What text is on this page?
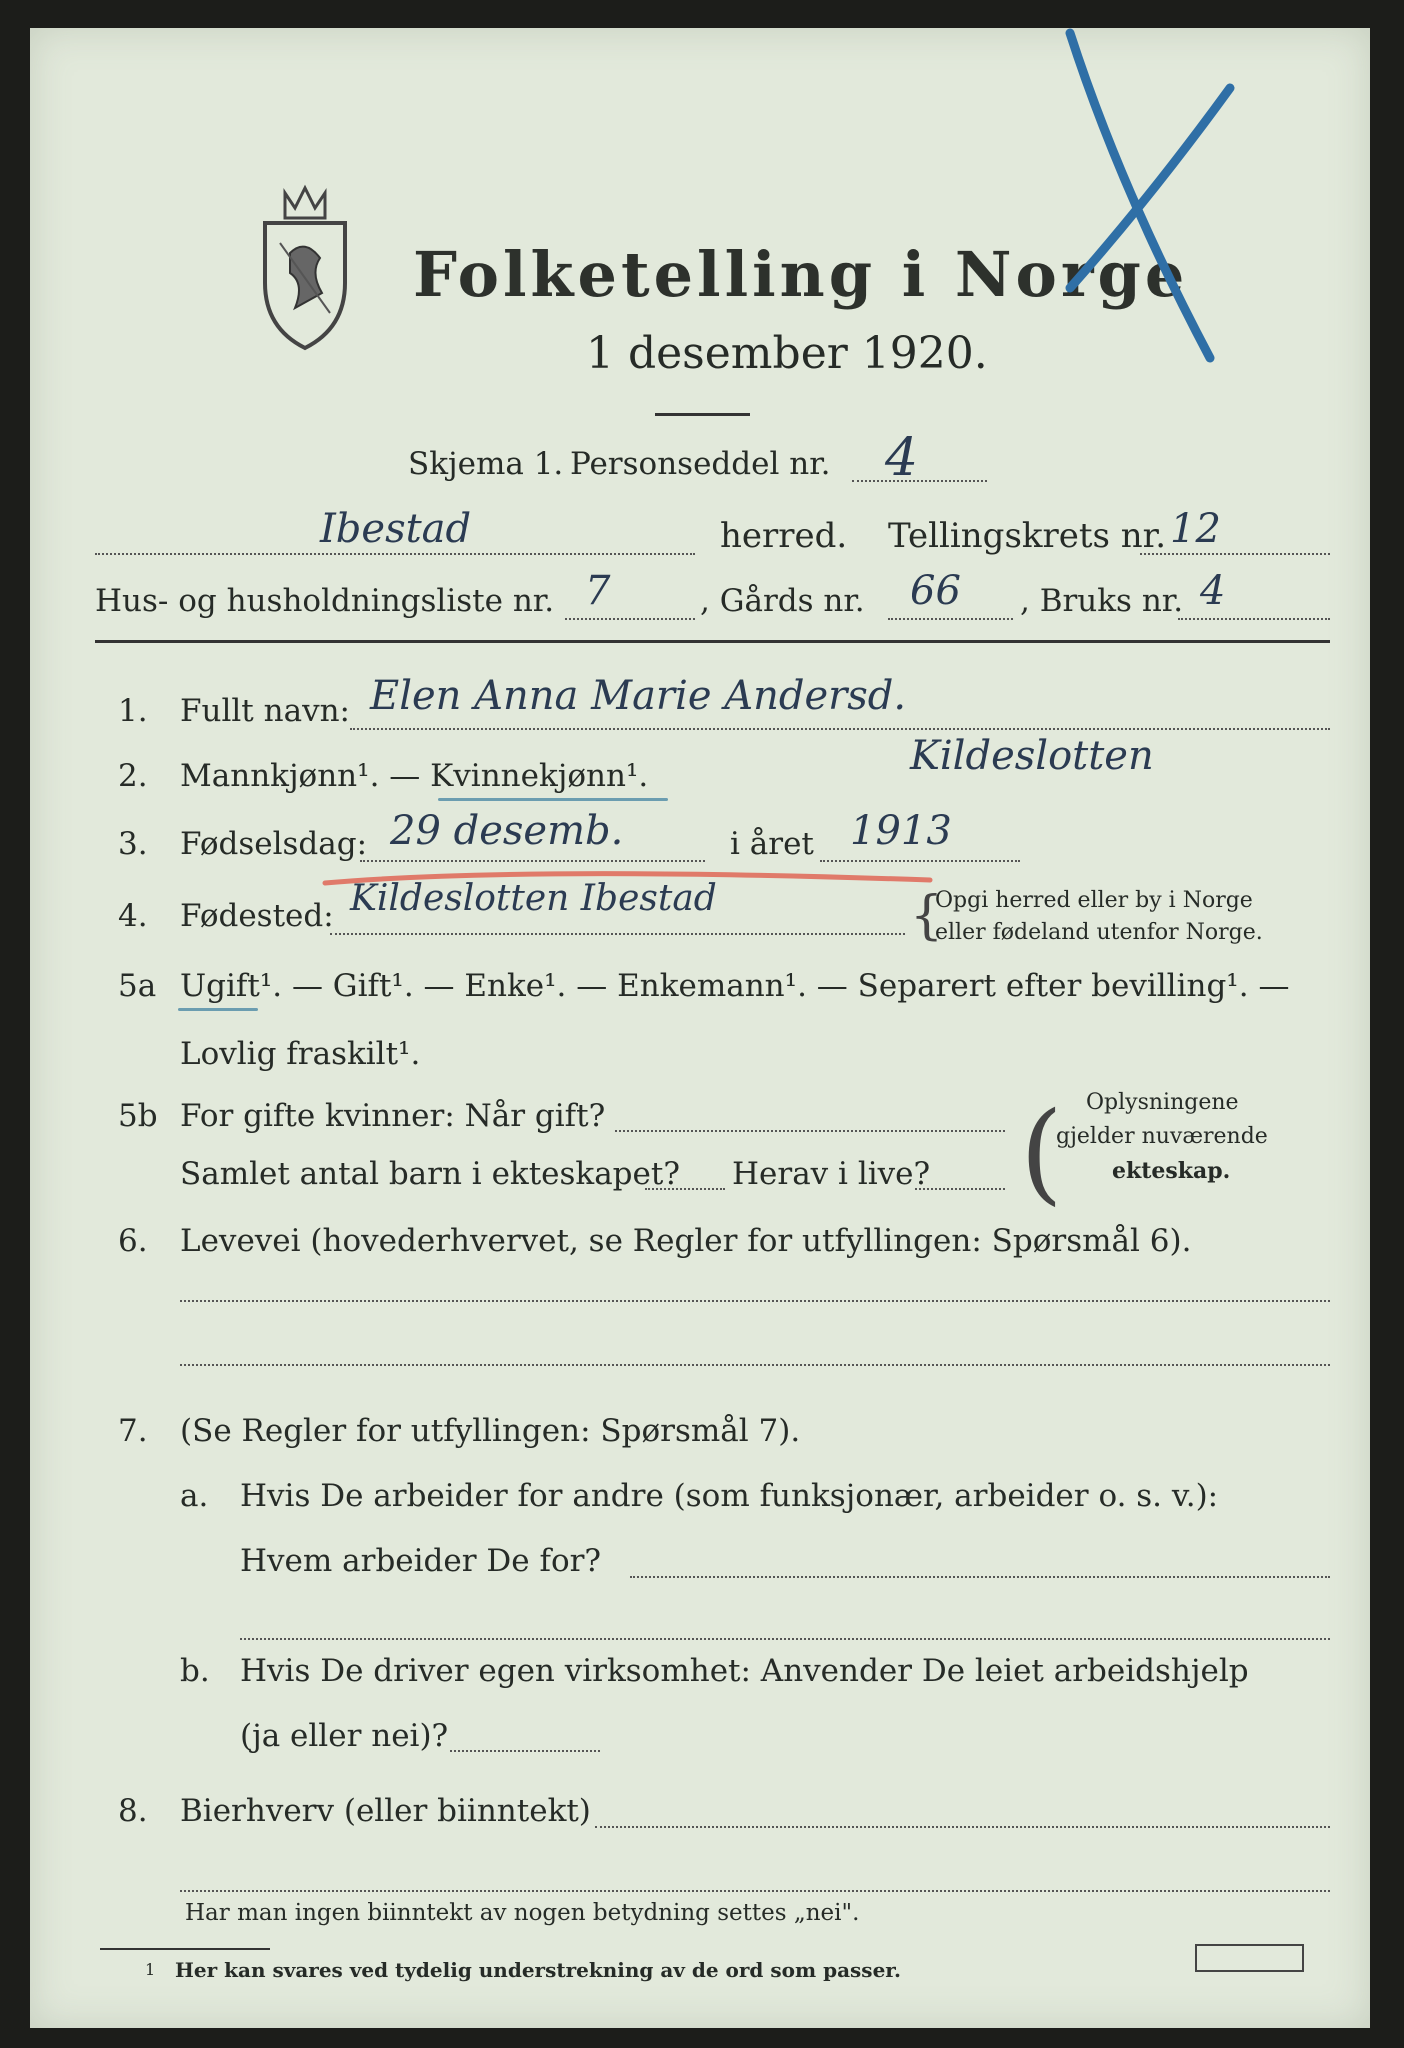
Folketelling i Norge
1 desember 1920.
Skjema 1. Personseddel nr. 4
Ibestad	herred. Tellingskrets nr. 12
Hus- og husholdningsliste nr. 7	, Gårds nr. 66 , Bruks nr. 4
1. Fullt navn: Elen Anna Marie Andersd.
Kildeslotten
2. Mannkjønn¹. — Kvinnekjønn¹.
3. Fødselsdag: 29 desemb.	i året 1913
4. Fødested: Kildeslotten Ibestad	{
Opgi herred eller by i Norge
eller fødeland utenfor Norge.
5a Ugift¹. — Gift¹. — Enke¹. — Enkemann¹. — Separert efter bevilling¹. —
Lovlig fraskilt¹.
5b For gifte kvinner: Når gift?
Samlet antal barn i ekteskapet? Herav i live? ( Oplysningene
gjelder nuværende
ekteskap.
6. Levevei (hovederhvervet, se Regler for utfyllingen: Spørsmål 6).
7. (Se Regler for utfyllingen: Spørsmål 7).
a. Hvis De arbeider for andre (som funksjonær, arbeider o. s. v.):
Hvem arbeider De for?
b. Hvis De driver egen virksomhet: Anvender De leiet arbeidshjelp
(ja eller nei)?
8. Bierhverv (eller biinntekt)
Har man ingen biinntekt av nogen betydning settes „nei".
1 Her kan svares ved tydelig understrekning av de ord som passer.
